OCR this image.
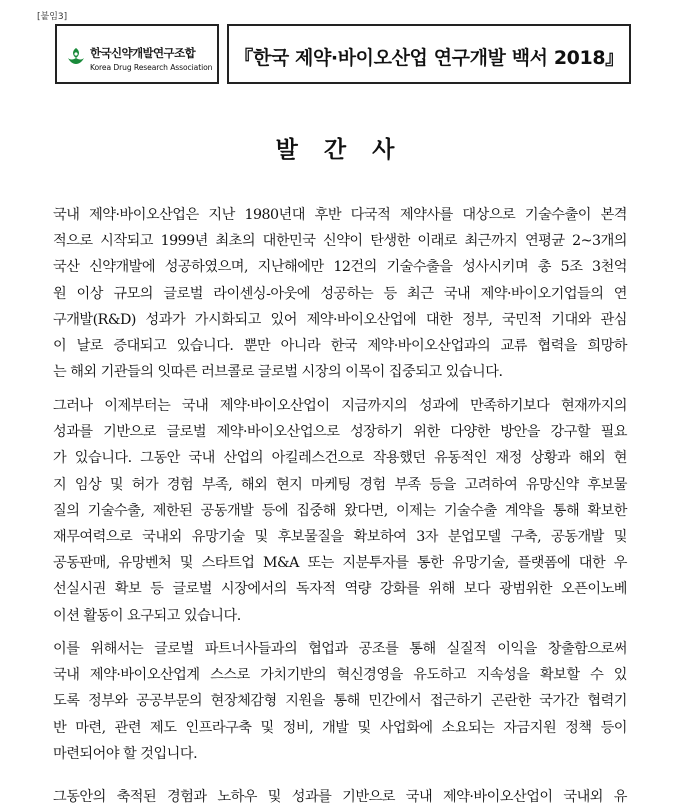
[붙임3]
한국신약개발연구조합
Korea Drug Research Association 『한국 제약·바이오산업 연구개발 백서 2018』
발 간 사
국내 제약·바이오산업은 지난 1980년대 후반 다국적 제약사를 대상으로 기술수출이 본격
적으로 시작되고 1999년 최초의 대한민국 신약이 탄생한 이래로 최근까지 연평균 2~3개의
국산 신약개발에 성공하였으며, 지난해에만 12건의 기술수출을 성사시키며 총 5조 3천억
원 이상 규모의 글로벌 라이센싱-아웃에 성공하는 등 최근 국내 제약·바이오기업들의 연
구개발(R&D) 성과가 가시화되고 있어 제약·바이오산업에 대한 정부, 국민적 기대와 관심
이 날로 증대되고 있습니다. 뿐만 아니라 한국 제약·바이오산업과의 교류 협력을 희망하
는 해외 기관들의 잇따른 러브콜로 글로벌 시장의 이목이 집중되고 있습니다.
그러나 이제부터는 국내 제약·바이오산업이 지금까지의 성과에 만족하기보다 현재까지의
성과를 기반으로 글로벌 제약·바이오산업으로 성장하기 위한 다양한 방안을 강구할 필요
가 있습니다. 그동안 국내 산업의 아킬레스건으로 작용했던 유동적인 재정 상황과 해외 현
지 임상 및 허가 경험 부족, 해외 현지 마케팅 경험 부족 등을 고려하여 유망신약 후보물
질의 기술수출, 제한된 공동개발 등에 집중해 왔다면, 이제는 기술수출 계약을 통해 확보한
재무여력으로 국내외 유망기술 및 후보물질을 확보하여 3자 분업모델 구축, 공동개발 및
공동판매, 유망벤처 및 스타트업 M&A 또는 지분투자를 통한 유망기술, 플랫폼에 대한 우
선실시권 확보 등 글로벌 시장에서의 독자적 역량 강화를 위해 보다 광범위한 오픈이노베
이션 활동이 요구되고 있습니다.
이를 위해서는 글로벌 파트너사들과의 협업과 공조를 통해 실질적 이익을 창출함으로써
국내 제약·바이오산업계 스스로 가치기반의 혁신경영을 유도하고 지속성을 확보할 수 있
도록 정부와 공공부문의 현장체감형 지원을 통해 민간에서 접근하기 곤란한 국가간 협력기
반 마련, 관련 제도 인프라구축 및 정비, 개발 및 사업화에 소요되는 자금지원 정책 등이
마련되어야 할 것입니다.
그동안의 축적된 경험과 노하우 및 성과를 기반으로 국내 제약·바이오산업이 국내외 유
